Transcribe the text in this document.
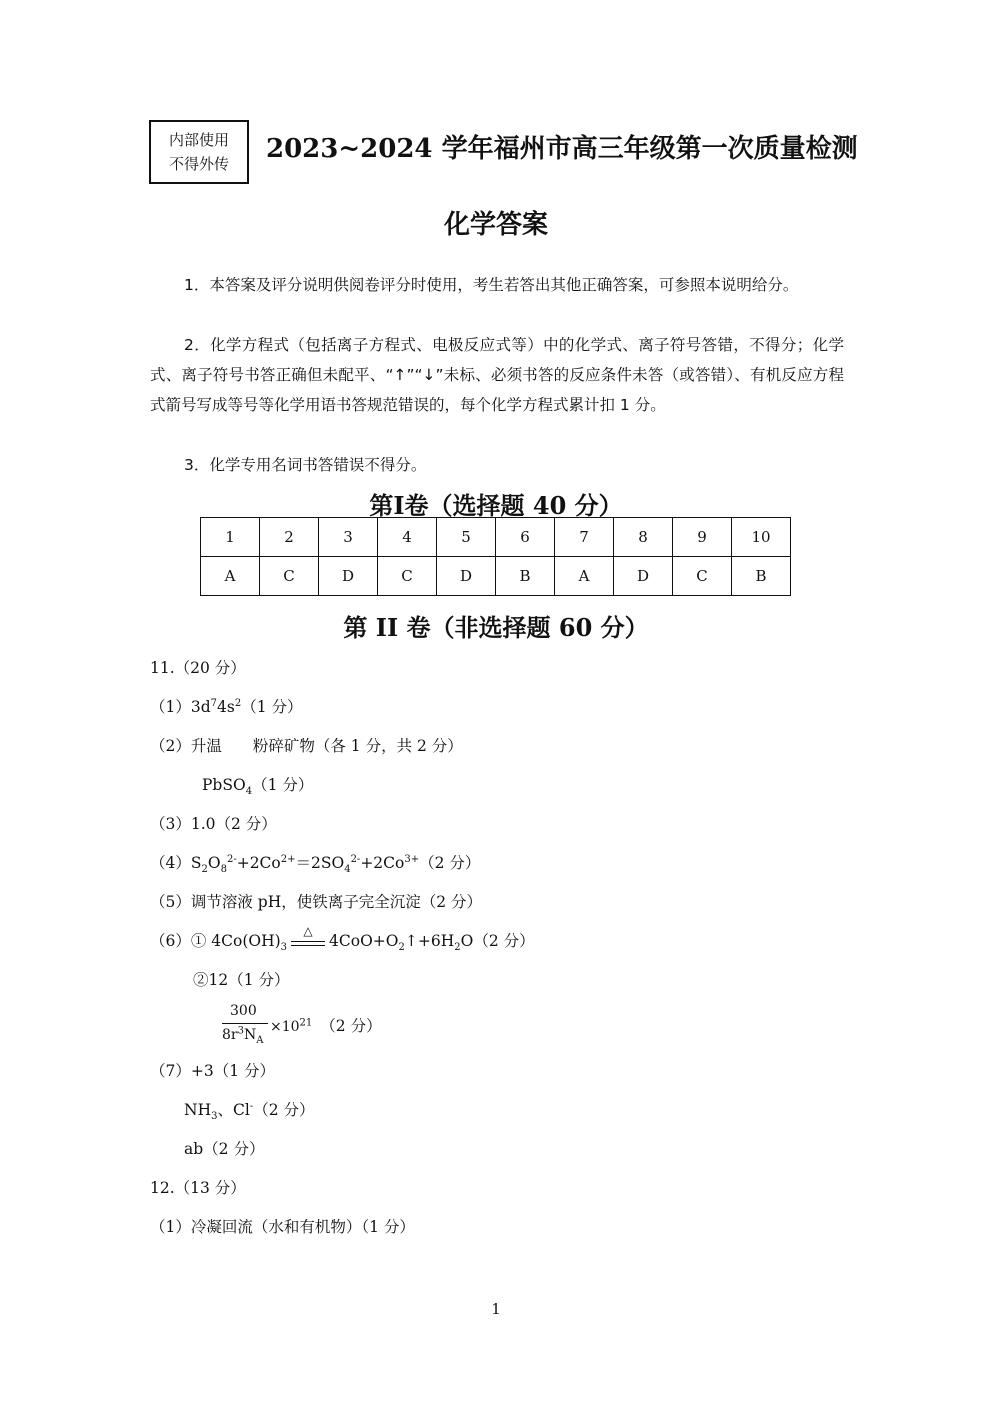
内部使用
不得外传 2023~2024 学年福州市高三年级第一次质量检测
化学答案
1．本答案及评分说明供阅卷评分时使用，考生若答出其他正确答案，可参照本说明给分。
2．化学方程式（包括离子方程式、电极反应式等）中的化学式、离子符号答错，不得分；化学式、离子符号书答正确但未配平、“↑”“↓”未标、必须书答的反应条件未答（或答错）、有机反应方程式箭号写成等号等化学用语书答规范错误的，每个化学方程式累计扣 1 分。
3．化学专用名词书答错误不得分。
第Ⅰ卷（选择题 40 分）
1	2	3	4	5	6	7	8	9	10
A	C	D	C	D	B	A	D	C	B
第 II 卷（非选择题 60 分）
11.（20 分）
$(1)3d^74s^2(1$ 分）
（2）升温　　粉碎矿物（各 1 分，共 2 分）
PbSO$_4$（1 分）
（3）1.0（2 分）
$(4)S_2O_8^{2-}+2Co^{2+}=2SO_4^{2-}+2Co^{3+}(2$ 分）
（5）调节溶液 pH，使铁离子完全沉淀（2 分）
（6）① $4Co(OH)_3$
△
$4CoO+O_2↑+6H_2O(2$ 分）
②12（1 分）
300
$8r^3N_A$
$\times 10^{21}$ （2 分）
（7）+3（1 分）
$NH_3$、Cl-（2 分）
ab（2 分）
12.（13 分）
（1）冷凝回流（水和有机物）（1 分）
1
